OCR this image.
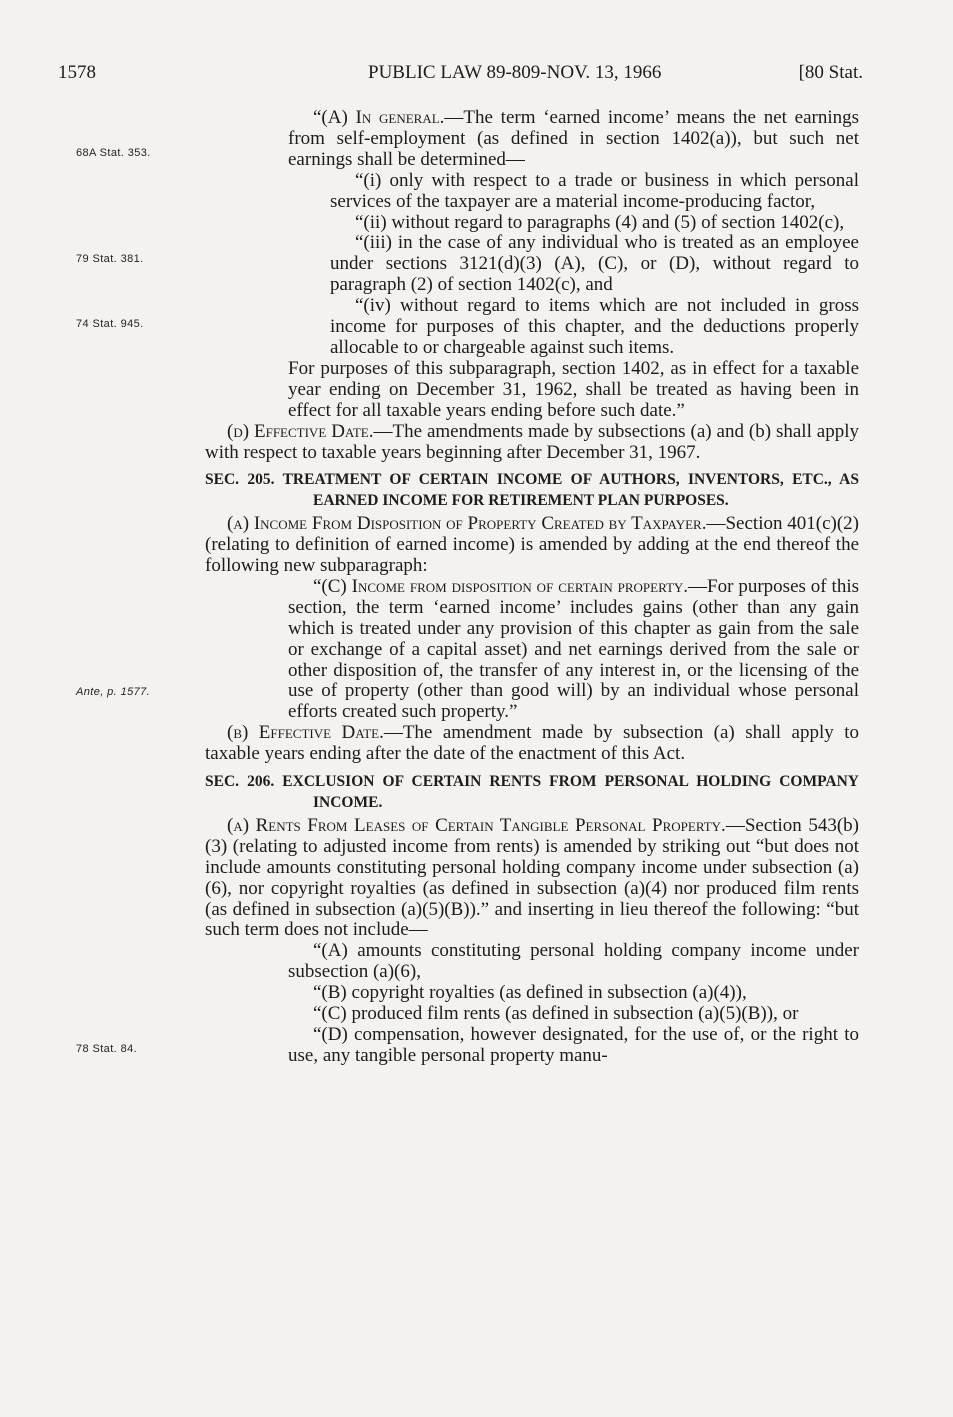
1578	PUBLIC LAW 89-809-NOV. 13, 1966	[80 Stat.
68A Stat. 353.
79 Stat. 381.
74 Stat. 945.
Ante, p. 1577.
78 Stat. 84.

“(A) In general.—The term ‘earned income’ means the net earnings from self-employment (as defined in section 1402(a)), but such net earnings shall be determined—

“(i) only with respect to a trade or business in which personal services of the taxpayer are a material income-producing factor,

“(ii) without regard to paragraphs (4) and (5) of section 1402(c),

“(iii) in the case of any individual who is treated as an employee under sections 3121(d)(3) (A), (C), or (D), without regard to paragraph (2) of section 1402(c), and

“(iv) without regard to items which are not included in gross income for purposes of this chapter, and the deductions properly allocable to or chargeable against such items.

For purposes of this subparagraph, section 1402, as in effect for a taxable year ending on December 31, 1962, shall be treated as having been in effect for all taxable years ending before such date.”

(d) Effective Date.—The amendments made by subsections (a) and (b) shall apply with respect to taxable years beginning after December 31, 1967.

SEC. 205. TREATMENT OF CERTAIN INCOME OF AUTHORS, INVENTORS, ETC., AS EARNED INCOME FOR RETIREMENT PLAN PURPOSES.

(a) Income From Disposition of Property Created by Taxpayer.—Section 401(c)(2) (relating to definition of earned income) is amended by adding at the end thereof the following new subparagraph:

“(C) Income from disposition of certain property.—For purposes of this section, the term ‘earned income’ includes gains (other than any gain which is treated under any provision of this chapter as gain from the sale or exchange of a capital asset) and net earnings derived from the sale or other disposition of, the transfer of any interest in, or the licensing of the use of property (other than good will) by an individual whose personal efforts created such property.”

(b) Effective Date.—The amendment made by subsection (a) shall apply to taxable years ending after the date of the enactment of this Act.

SEC. 206. EXCLUSION OF CERTAIN RENTS FROM PERSONAL HOLDING COMPANY INCOME.

(a) Rents From Leases of Certain Tangible Personal Property.—Section 543(b)(3) (relating to adjusted income from rents) is amended by striking out “but does not include amounts constituting personal holding company income under subsection (a)(6), nor copyright royalties (as defined in subsection (a)(4) nor produced film rents (as defined in subsection (a)(5)(B)).” and inserting in lieu thereof the following: “but such term does not include—

“(A) amounts constituting personal holding company income under subsection (a)(6),

“(B) copyright royalties (as defined in subsection (a)(4)),

“(C) produced film rents (as defined in subsection (a)(5)(B)), or

“(D) compensation, however designated, for the use of, or the right to use, any tangible personal property manu-
